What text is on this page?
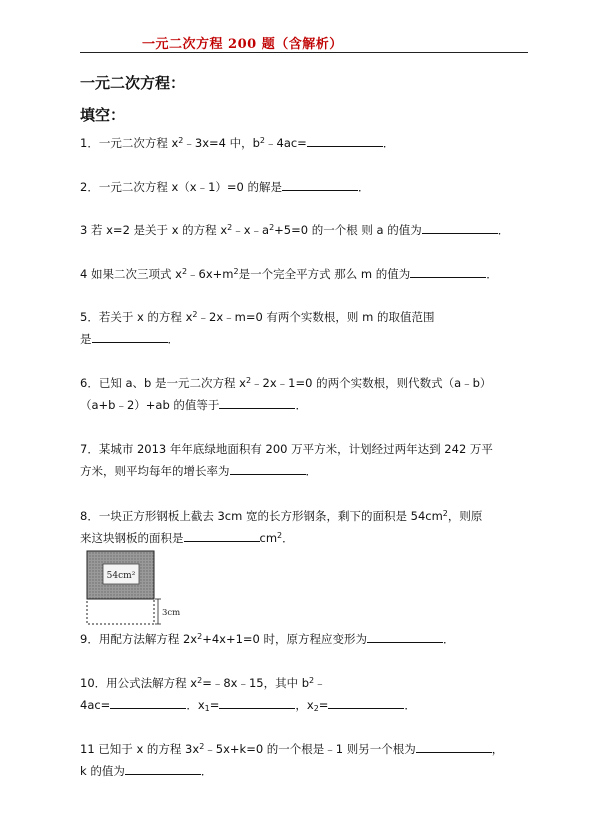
一元二次方程 200 题（含解析）
一元二次方程：
填空：
1．一元二次方程 $x^2﹣3x=4$ 中，$b^2﹣4ac=$	．
2．一元二次方程 x（x﹣1）=0 的解是	．
3 若 x=2 是关于 x 的方程 $x^2﹣x﹣a^2+5=0$ 的一个根 则 a 的值为	．
4 如果二次三项式 $x^2﹣6x+m^2$是一个完全平方式 那么 m 的值为	．
5．若关于 x 的方程 $x^2﹣2x﹣m=0$ 有两个实数根，则 m 的取值范围
是	．
6．已知 a、b 是一元二次方程 $x^2﹣2x﹣1=0$ 的两个实数根，则代数式（a﹣b）
（a+b﹣2）+ab 的值等于	．
7．某城市 2013 年年底绿地面积有 200 万平方米，计划经过两年达到 242 万平
方米，则平均每年的增长率为	．
8．一块正方形钢板上截去 3cm 宽的长方形钢条，剩下的面积是 $54cm^2$，则原
来这块钢板的面积是	$cm^2$．
54cm²
3cm
9．用配方法解方程 $2x^2+4x+1=0$ 时，原方程应变形为	．
10．用公式法解方程 $x^2=﹣8x﹣15$，其中 $b^2﹣$
4ac=	．$x_1=$	，$x_2=$	．
11 已知于 x 的方程 $3x^2﹣5x+k=0$ 的一个根是﹣1 则另一个根为	，
k 的值为	．
